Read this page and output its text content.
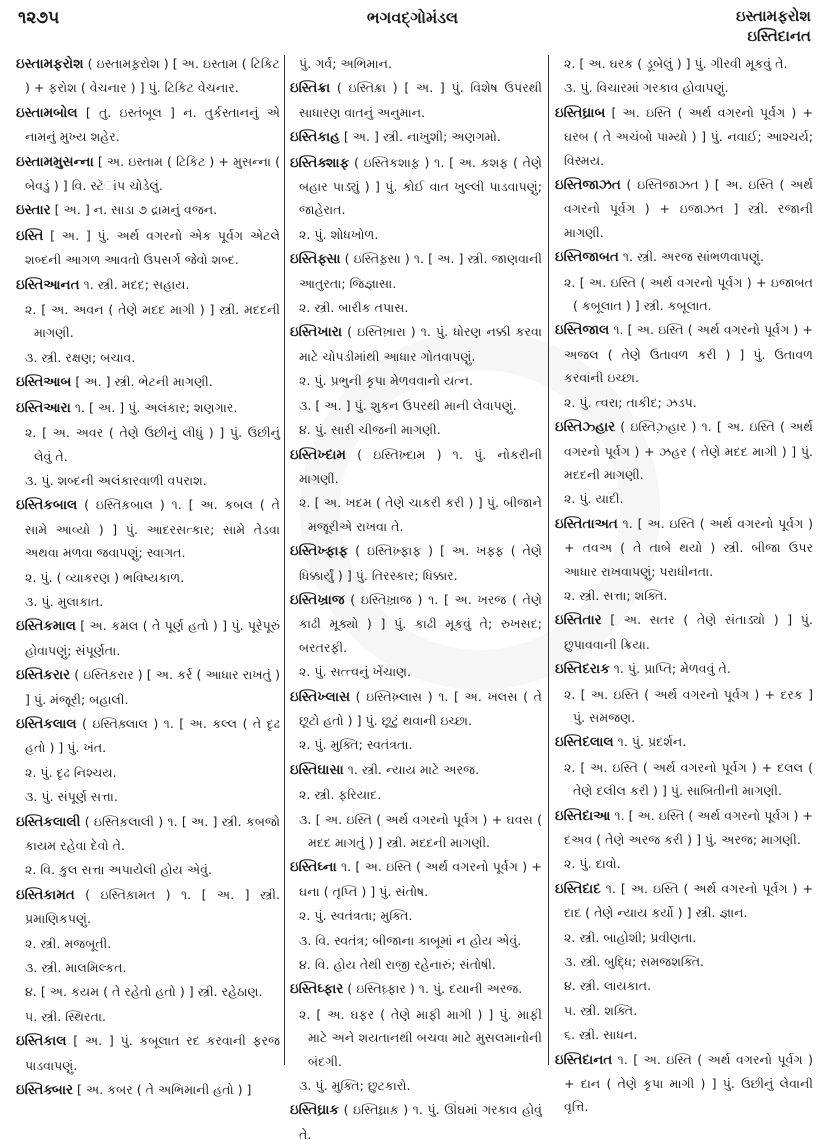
૧૨૭૫	ભગવદ્ગોમંડલ	ઇસ્તામફરોશ
ઇસ્તિદાનત

ઇસ્તામફરોશ ( ઇસ્તામફ઼રોશ ) [ અ. ઇસ્તામ ( ટિકિટ ) + ફરોશ ( વેચનાર ) ] પું. ટિકિટ વેચનાર.

ઇસ્તામબોલ [ તુ. ઇસ્તંબૂલ ] ન. તુર્કસ્તાનનું એ નામનું મુખ્ય શહેર.

ઇસ્તામમુસન્ના [ અ. ઇસ્તામ ( ટિકિટ ) + મુસન્ના ( બેવડું ) ] વિ. સ્ટૅાંપ ચોડેલું.

ઇસ્તાર [ અ. ] ન. સાડા ૭ દ્રામનું વજન.

ઇસ્તિ [ અ. ] પું. અર્થ વગરનો એક પૂર્વગ એટલે શબ્દની આગળ આવતો ઉપસર્ગ જેવો શબ્દ.

ઇસ્તિઆનત ૧. સ્ત્રી. મદદ; સહાય.

૨. [ અ. અવન ( તેણે મદદ માગી ) ] સ્ત્રી. મદદની માગણી.

૩. સ્ત્રી. રક્ષણ; બચાવ.

ઇસ્તિઆબ [ અ. ] સ્ત્રી. ભેટની માગણી.

ઇસ્તિઆરા ૧. [ અ. ] પું. અલંકાર; શણગાર.

૨. [ અ. અવર ( તેણે ઉછીનું લીધું ) ] પું. ઉછીનું લેવું તે.

૩. પું. શબ્દની અલંકારવાળી વપરાશ.

ઇસ્તિકબાલ ( ઇસ્તિક઼બાલ ) ૧. [ અ. કબલ ( તે સામે આવ્યો ) ] પું. આદરસત્કાર; સામે તેડવા અથવા મળવા જવાપણું; સ્વાગત.

૨. પું. ( વ્યાકરણ ) ભવિષ્યકાળ.

૩. પું. મુલાકાત.

ઇસ્તિકમાલ [ અ. કમલ ( તે પૂર્ણ હતો ) ] પું. પૂરેપૂરું હોવાપણું; સંપૂર્ણતા.

ઇસ્તિકરાર ( ઇસ્તિક઼રાર ) [ અ. કર્ર ( આધાર રાખતું ) ] પું. મંજૂરી; બહાલી.

ઇસ્તિકલાલ ( ઇસ્તિક઼્લાલ ) ૧. [ અ. કલ્લ ( તે દૃઢ હતો ) ] પું. ખંત.

૨. પું. દૃઢ નિશ્ચય.

૩. પું. સંપૂર્ણ સત્તા.

ઇસ્તિકલાલી ( ઇસ્તિક઼લાલી ) ૧. [ અ. ] સ્ત્રી. કબજો કાયમ રહેવા દેવો તે.

૨. વિ. કુલ સત્તા અપાયેલી હોય એવું.

ઇસ્તિકામત ( ઇસ્તિક઼ામત ) ૧. [ અ. ] સ્ત્રી. પ્રમાણિકપણું.

૨. સ્ત્રી. મજબૂતી.

૩. સ્ત્રી. માલમિલ્કત.

૪. [ અ. કયમ ( તે રહેતો હતો ) ] સ્ત્રી. રહેઠાણ.

૫. સ્ત્રી. સ્થિરતા.

ઇસ્તિકાલ [ અ. ] પું. કબૂલાત રદ કરવાની ફરજ પાડવાપણું.

ઇસ્તિક્બાર [ અ. કબર ( તે અભિમાની હતો ) ]

પું. ગર્વ; અભિમાન.

ઇસ્તિક્રા ( ઇસ્તિક઼્રા ) [ અ. ] પું. વિશેષ ઉપરથી સાધારણ વાતનું અનુમાન.

ઇસ્તિકાહ [ અ. ] સ્ત્રી. નાખુશી; અણગમો.

ઇસ્તિક્શાફ ( ઇસ્તિકશાફ઼ ) ૧. [ અ. કશફ ( તેણે બહાર પાડ્યું ) ] પું. કોઈ વાત ખુલ્લી પાડવાપણું; જાહેરાત.

૨. પું. શોધખોળ.

ઇસ્તિફ્સા ( ઇસ્તિફ઼્સા ) ૧. [ અ. ] સ્ત્રી. જાણવાની આતુરતા; જિજ્ઞાસા.

૨. સ્ત્રી. બારીક તપાસ.

ઇસ્તિખારા ( ઇસ્તિખ઼ારા ) ૧. પું. ધોરણ નક્કી કરવા માટે ચોપડીમાંથી આધાર ગોતવાપણું.

૨. પું. પ્રભુની કૃપા મેળવવાનો યત્ન.

૩. [ અ. ] પું. શુકન ઉપરથી માની લેવાપણું.

૪. પું. સારી ચીજની માગણી.

ઇસ્તિખ્દામ ( ઇસ્તિખ઼્દામ ) ૧. પું. નોકરીની માગણી.

૨. [ અ. ખદમ ( તેણે ચાકરી કરી ) ] પું. બીજાને મજૂરીએ રાખવા તે.

ઇસ્તિખ્ફાફ ( ઇસ્તિખ઼્ફાફ ) [ અ. ખફ્ફ ( તેણે ધિક્કાર્યું ) ] પું. તિરસ્કાર; ધિક્કાર.

ઇસ્તિખ્રાજ ( ઇસ્તિખ઼્રાજ ) ૧. [ અ. ખરજ ( તેણે કાઢી મૂક્યો ) ] પું. કાઢી મૂકવું તે; રુખસદ; બરતરફી.

૨. પું. સત્ત્વનું ખેંચાણ.

ઇસ્તિખ્લાસ ( ઇસ્તિખ઼્લાસ ) ૧. [ અ. ખલસ ( તે છૂટો હતો ) ] પું. છૂટું થવાની ઇચ્છા.

૨. પું. મુક્તિ; સ્વતંત્રતા.

ઇસ્તિઘાસા ૧. સ્ત્રી. ન્યાય માટે અરજ.

૨. સ્ત્રી. ફરિયાદ.

૩. [ અ. ઇસ્તિ ( અર્થ વગરનો પૂર્વગ ) + ઘવસ ( મદદ માગતું ) ] સ્ત્રી. મદદની માગણી.

ઇસ્તિઘ્ના ૧. [ અ. ઇસ્તિ ( અર્થ વગરનો પૂર્વગ ) + ઘના ( તૃપ્તિ ) ] પું. સંતોષ.

૨. પું. સ્વતંત્રતા; મુક્તિ.

૩. વિ. સ્વતંત્ર; બીજાના કાબૂમાં ન હોય એવું.

૪. વિ. હોય તેથી રાજી રહેનારું; સંતોષી.

ઇસ્તિઘ્ફાર ( ઇસ્તિઘ઼્ફાર ) ૧. પું. દયાની અરજ.

૨. [ અ. ઘફર ( તેણે માફી માગી ) ] પું. માફી માટે અને શયતાનથી બચવા માટે મુસલમાનોની બંદગી.

૩. પું. મુક્તિ; છુટકારો.

ઇસ્તિઘ્રાક ( ઇસ્તિઘ઼્રાક઼ ) ૧. પું. ઊંઘમાં ગરકાવ હોવું તે.

૨. [ અ. ઘરક ( ડૂબેલું ) ] પું. ગીરવી મૂકવું તે.

૩. પું. વિચારમાં ગરકાવ હોવાપણું.

ઇસ્તિઘ્રાબ [ અ. ઇસ્તિ ( અર્થ વગરનો પૂર્વગ ) + ઘરબ ( તે અચંબો પામ્યો ) ] પું. નવાઈ; આશ્ચર્ય; વિસ્મય.

ઇસ્તિજાઝત ( ઇસ્તિજાઝત ) [ અ. ઇસ્તિ ( અર્થ વગરનો પૂર્વગ ) + ઇજાઝત ] સ્ત્રી. રજાની માગણી.

ઇસ્તિજાબત ૧. સ્ત્રી. અરજ સાંભળવાપણું.

૨. [ અ. ઇસ્તિ ( અર્થ વગરનો પૂર્વગ ) + ઇજાબત ( કબૂલાત ) ] સ્ત્રી. કબૂલાત.

ઇસ્તિજાલ ૧. [ અ. ઇસ્તિ ( અર્થ વગરનો પૂર્વગ ) + અજલ ( તેણે ઉતાવળ કરી ) ] પું. ઉતાવળ કરવાની ઇચ્છા.

૨. પું. ત્વરા; તાકીદ; ઝડપ.

ઇસ્તિઝ્હાર ( ઇસ્તિઝ઼્હાર ) ૧. [ અ. ઇસ્તિ ( અર્થ વગરનો પૂર્વગ ) + ઝહર ( તેણે મદદ માગી ) ] પું. મદદની માગણી.

૨. પું. યાદી.

ઇસ્તિતાઅત ૧. [ અ. ઇસ્તિ ( અર્થ વગરનો પૂર્વગ ) + તવઅ ( તે તાબે થયો ) સ્ત્રી. બીજા ઉપર આધાર રાખવાપણું; પરાધીનતા.

૨. સ્ત્રી. સત્તા; શક્તિ.

ઇસ્તિતાર [ અ. સતર ( તેણે સંતાડ્યો ) ] પું. છુપાવવાની ક્રિયા.

ઇસ્તિદરાક ૧. પું. પ્રાપ્તિ; મેળવવું તે.

૨. [ અ. ઇસ્તિ ( અર્થ વગરનો પૂર્વગ ) + દરક ] પું. સમજણ.

ઇસ્તિદલાલ ૧. પું. પ્રદર્શન.

૨. [ અ. ઇસ્તિ ( અર્થ વગરનો પૂર્વગ ) + દલલ ( તેણે દલીલ કરી ) ] પું. સાબિતીની માગણી.

ઇસ્તિદાઆ ૧. [ અ. ઇસ્તિ ( અર્થ વગરનો પૂર્વગ ) + દઅવ ( તેણે અરજ કરી ) ] પું. અરજ; માગણી.

૨. પું. દાવો.

ઇસ્તિદાદ ૧. [ અ. ઇસ્તિ ( અર્થ વગરનો પૂર્વગ ) + દાદ ( તેણે ન્યાય કર્યો ) ] સ્ત્રી. જ્ઞાન.

૨. સ્ત્રી. બાહોશી; પ્રવીણતા.

૩. સ્ત્રી. બુદ્ધિ; સમજશક્તિ.

૪. સ્ત્રી. લાયકાત.

૫. સ્ત્રી. શક્તિ.

૬. સ્ત્રી. સાધન.

ઇસ્તિદાનત ૧. [ અ. ઇસ્તિ ( અર્થ વગરનો પૂર્વગ ) + દાન ( તેણે કૃપા માગી ) ] પું. ઉછીનું લેવાની વૃત્તિ.
